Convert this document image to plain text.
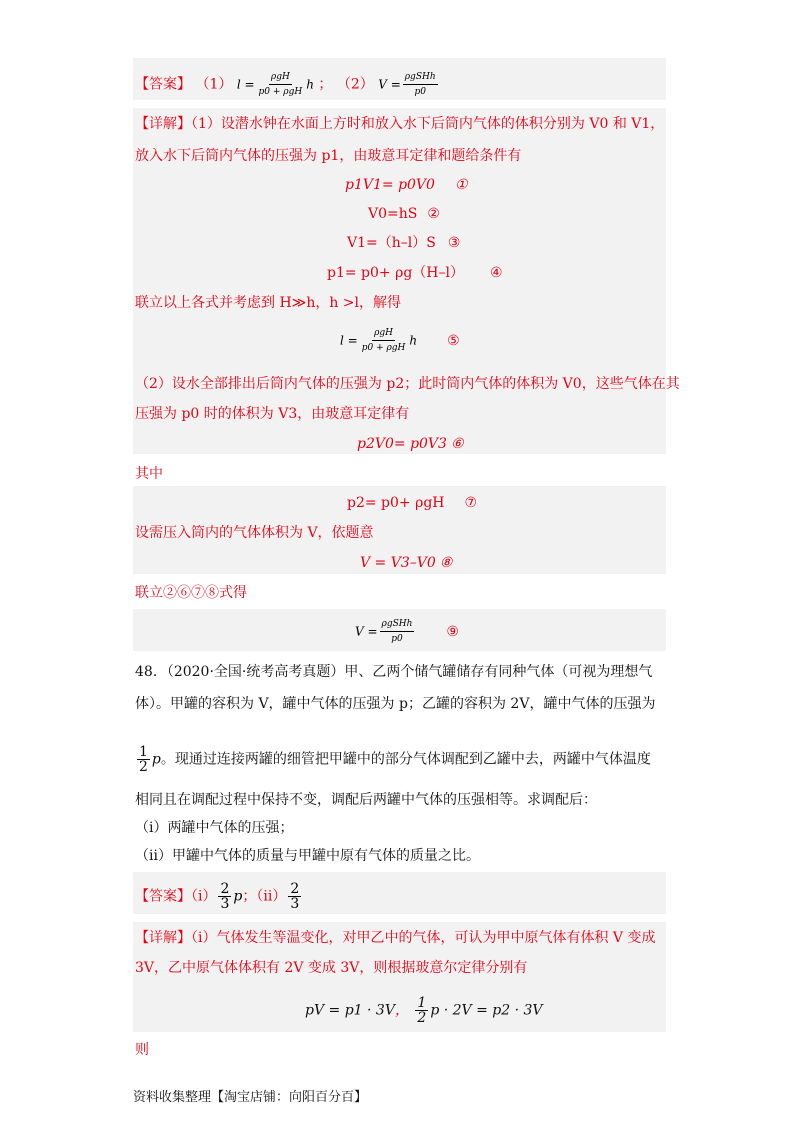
【答案】 （1） $l = \frac{\text{ρgH}}{\text{p0 + ρgH}}$ h ； （2） $V = \frac{\text{ρgSHh}}{p0}$
【详解】（1）设潜水钟在水面上方时和放入水下后筒内气体的体积分别为 V0 和 V1，
放入水下后筒内气体的压强为 p1，由玻意耳定律和题给条件有
p1V1= p0V0 ①
V0=hS ②
V1=（h–l）S ③
p1= p0+ ρg（H–l） ④
联立以上各式并考虑到 H≫h，h >l，解得
$l = \frac{\text{ρgH}}{\text{p0 + ρgH}}$ h ⑤
（2）设水全部排出后筒内气体的压强为 p2；此时筒内气体的体积为 V0，这些气体在其
压强为 p0 时的体积为 V3，由玻意耳定律有
p2V0= p0V3 ⑥
其中
p2= p0+ ρgH ⑦
设需压入筒内的气体体积为 V，依题意
V = V3–V0 ⑧
联立②⑥⑦⑧式得
$V = \frac{\text{ρgSHh}}{p0}$ ⑨
48．（2020·全国·统考高考真题）甲、乙两个储气罐储存有同种气体（可视为理想气
体）。甲罐的容积为 V，罐中气体的压强为 p；乙罐的容积为 2V，罐中气体的压强为
$\frac{1}{2}$ p。现通过连接两罐的细管把甲罐中的部分气体调配到乙罐中去，两罐中气体温度
相同且在调配过程中保持不变，调配后两罐中气体的压强相等。求调配后：
（i）两罐中气体的压强；
（ii）甲罐中气体的质量与甲罐中原有气体的质量之比。
【答案】$(i) \frac{2}{3}$ p；$(ii) \frac{2}{3}$
【详解】（i）气体发生等温变化，对甲乙中的气体，可认为甲中原气体有体积 V 变成
3V，乙中原气体体积有 2V 变成 3V，则根据玻意尔定律分别有
pV = p1 · 3V， $\frac{1}{2}$ p · 2V = p2 · 3V
则
资料收集整理【淘宝店铺：向阳百分百】
